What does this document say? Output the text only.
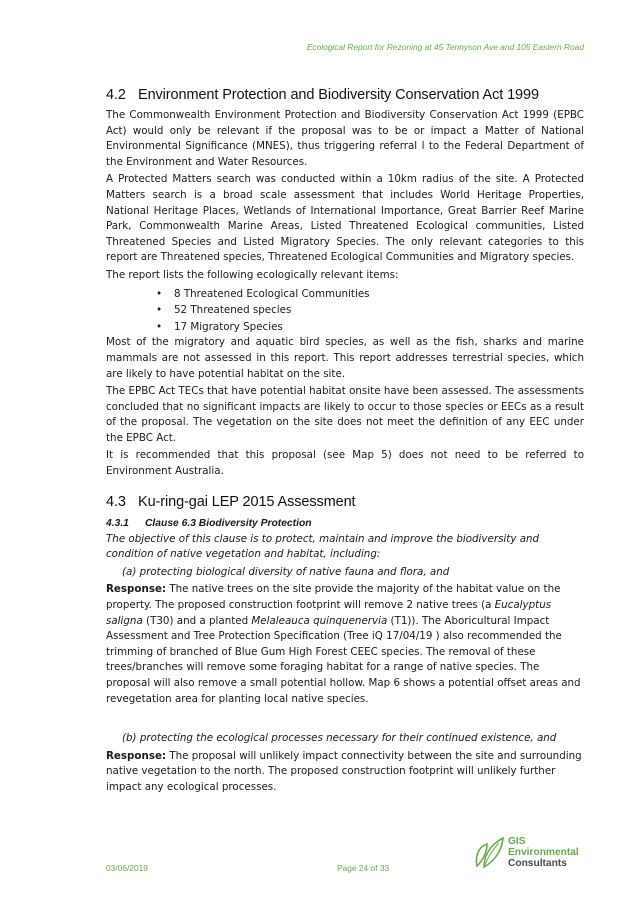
Ecological Report for Rezoning at 45 Tennyson Ave and 105 Eastern Road
4.2 Environment Protection and Biodiversity Conservation Act 1999

The Commonwealth Environment Protection and Biodiversity Conservation Act 1999 (EPBC Act) would only be relevant if the proposal was to be or impact a Matter of National Environmental Significance (MNES), thus triggering referral l to the Federal Department of the Environment and Water Resources.

A Protected Matters search was conducted within a 10km radius of the site. A Protected Matters search is a broad scale assessment that includes World Heritage Properties, National Heritage Places, Wetlands of International Importance, Great Barrier Reef Marine Park, Commonwealth Marine Areas, Listed Threatened Ecological communities, Listed Threatened Species and Listed Migratory Species. The only relevant categories to this report are Threatened species, Threatened Ecological Communities and Migratory species.

The report lists the following ecologically relevant items:

• 8 Threatened Ecological Communities
• 52 Threatened species
• 17 Migratory Species

Most of the migratory and aquatic bird species, as well as the fish, sharks and marine mammals are not assessed in this report. This report addresses terrestrial species, which are likely to have potential habitat on the site.

The EPBC Act TECs that have potential habitat onsite have been assessed. The assessments concluded that no significant impacts are likely to occur to those species or EECs as a result of the proposal. The vegetation on the site does not meet the definition of any EEC under the EPBC Act.

It is recommended that this proposal (see Map 5) does not need to be referred to Environment Australia.

4.3 Ku-ring-gai LEP 2015 Assessment
4.3.1 Clause 6.3 Biodiversity Protection

The objective of this clause is to protect, maintain and improve the biodiversity and condition of native vegetation and habitat, including:

(a) protecting biological diversity of native fauna and flora, and

Response: The native trees on the site provide the majority of the habitat value on the property. The proposed construction footprint will remove 2 native trees (a Eucalyptus saligna (T30) and a planted Melaleauca quinquenervia (T1)). The Aboricultural Impact Assessment and Tree Protection Specification (Tree iQ 17/04/19 ) also recommended the trimming of branched of Blue Gum High Forest CEEC species. The removal of these trees/branches will remove some foraging habitat for a range of native species. The proposal will also remove a small potential hollow. Map 6 shows a potential offset areas and revegetation area for planting local native species.

(b) protecting the ecological processes necessary for their continued existence, and

Response: The proposal will unlikely impact connectivity between the site and surrounding native vegetation to the north. The proposed construction footprint will unlikely further impact any ecological processes.

03/06/2019	Page 24 of 33
GIS
Environmental
Consultants
